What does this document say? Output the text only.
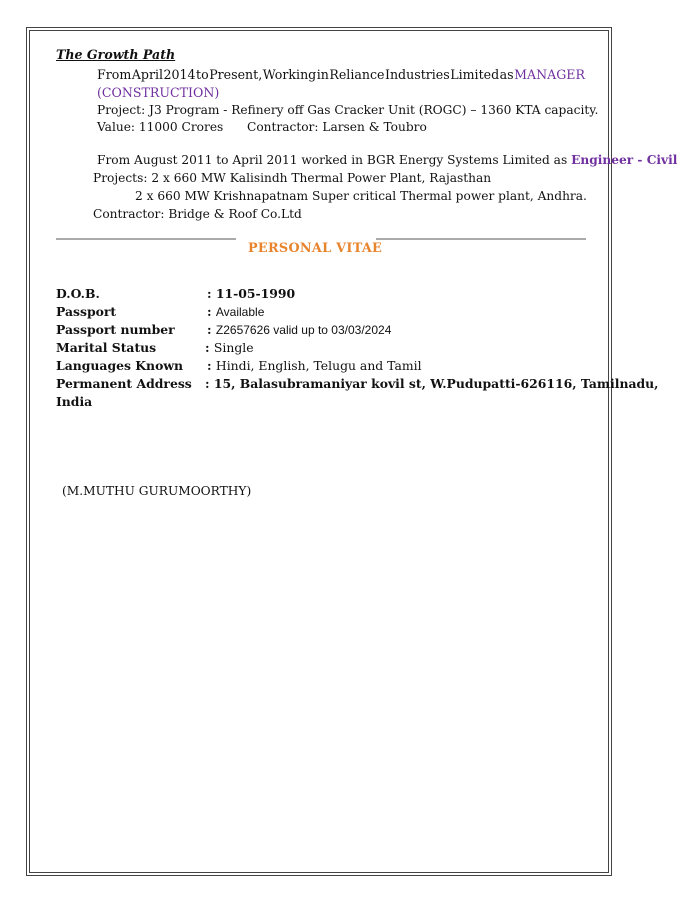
The Growth Path
From April 2014 to Present, Working in Reliance Industries Limited as MANAGER
(CONSTRUCTION)
Project: J3 Program - Refinery off Gas Cracker Unit (ROGC) – 1360 KTA capacity.
Value: 11000 Crores Contractor: Larsen & Toubro
From August 2011 to April 2011 worked in BGR Energy Systems Limited as Engineer - Civil
Projects: 2 x 660 MW Kalisindh Thermal Power Plant, Rajasthan
2 x 660 MW Krishnapatnam Super critical Thermal power plant, Andhra.
Contractor: Bridge & Roof Co.Ltd
PERSONAL VITAE
D.O.B.	: 11-05-1990
Passport	: Available
Passport number	: Z2657626 valid up to 03/03/2024
Marital Status	: Single
Languages Known : Hindi, English, Telugu and Tamil
Permanent Address : 15, Balasubramaniyar kovil st, W.Pudupatti-626116, Tamilnadu,
India
(M.MUTHU GURUMOORTHY)
